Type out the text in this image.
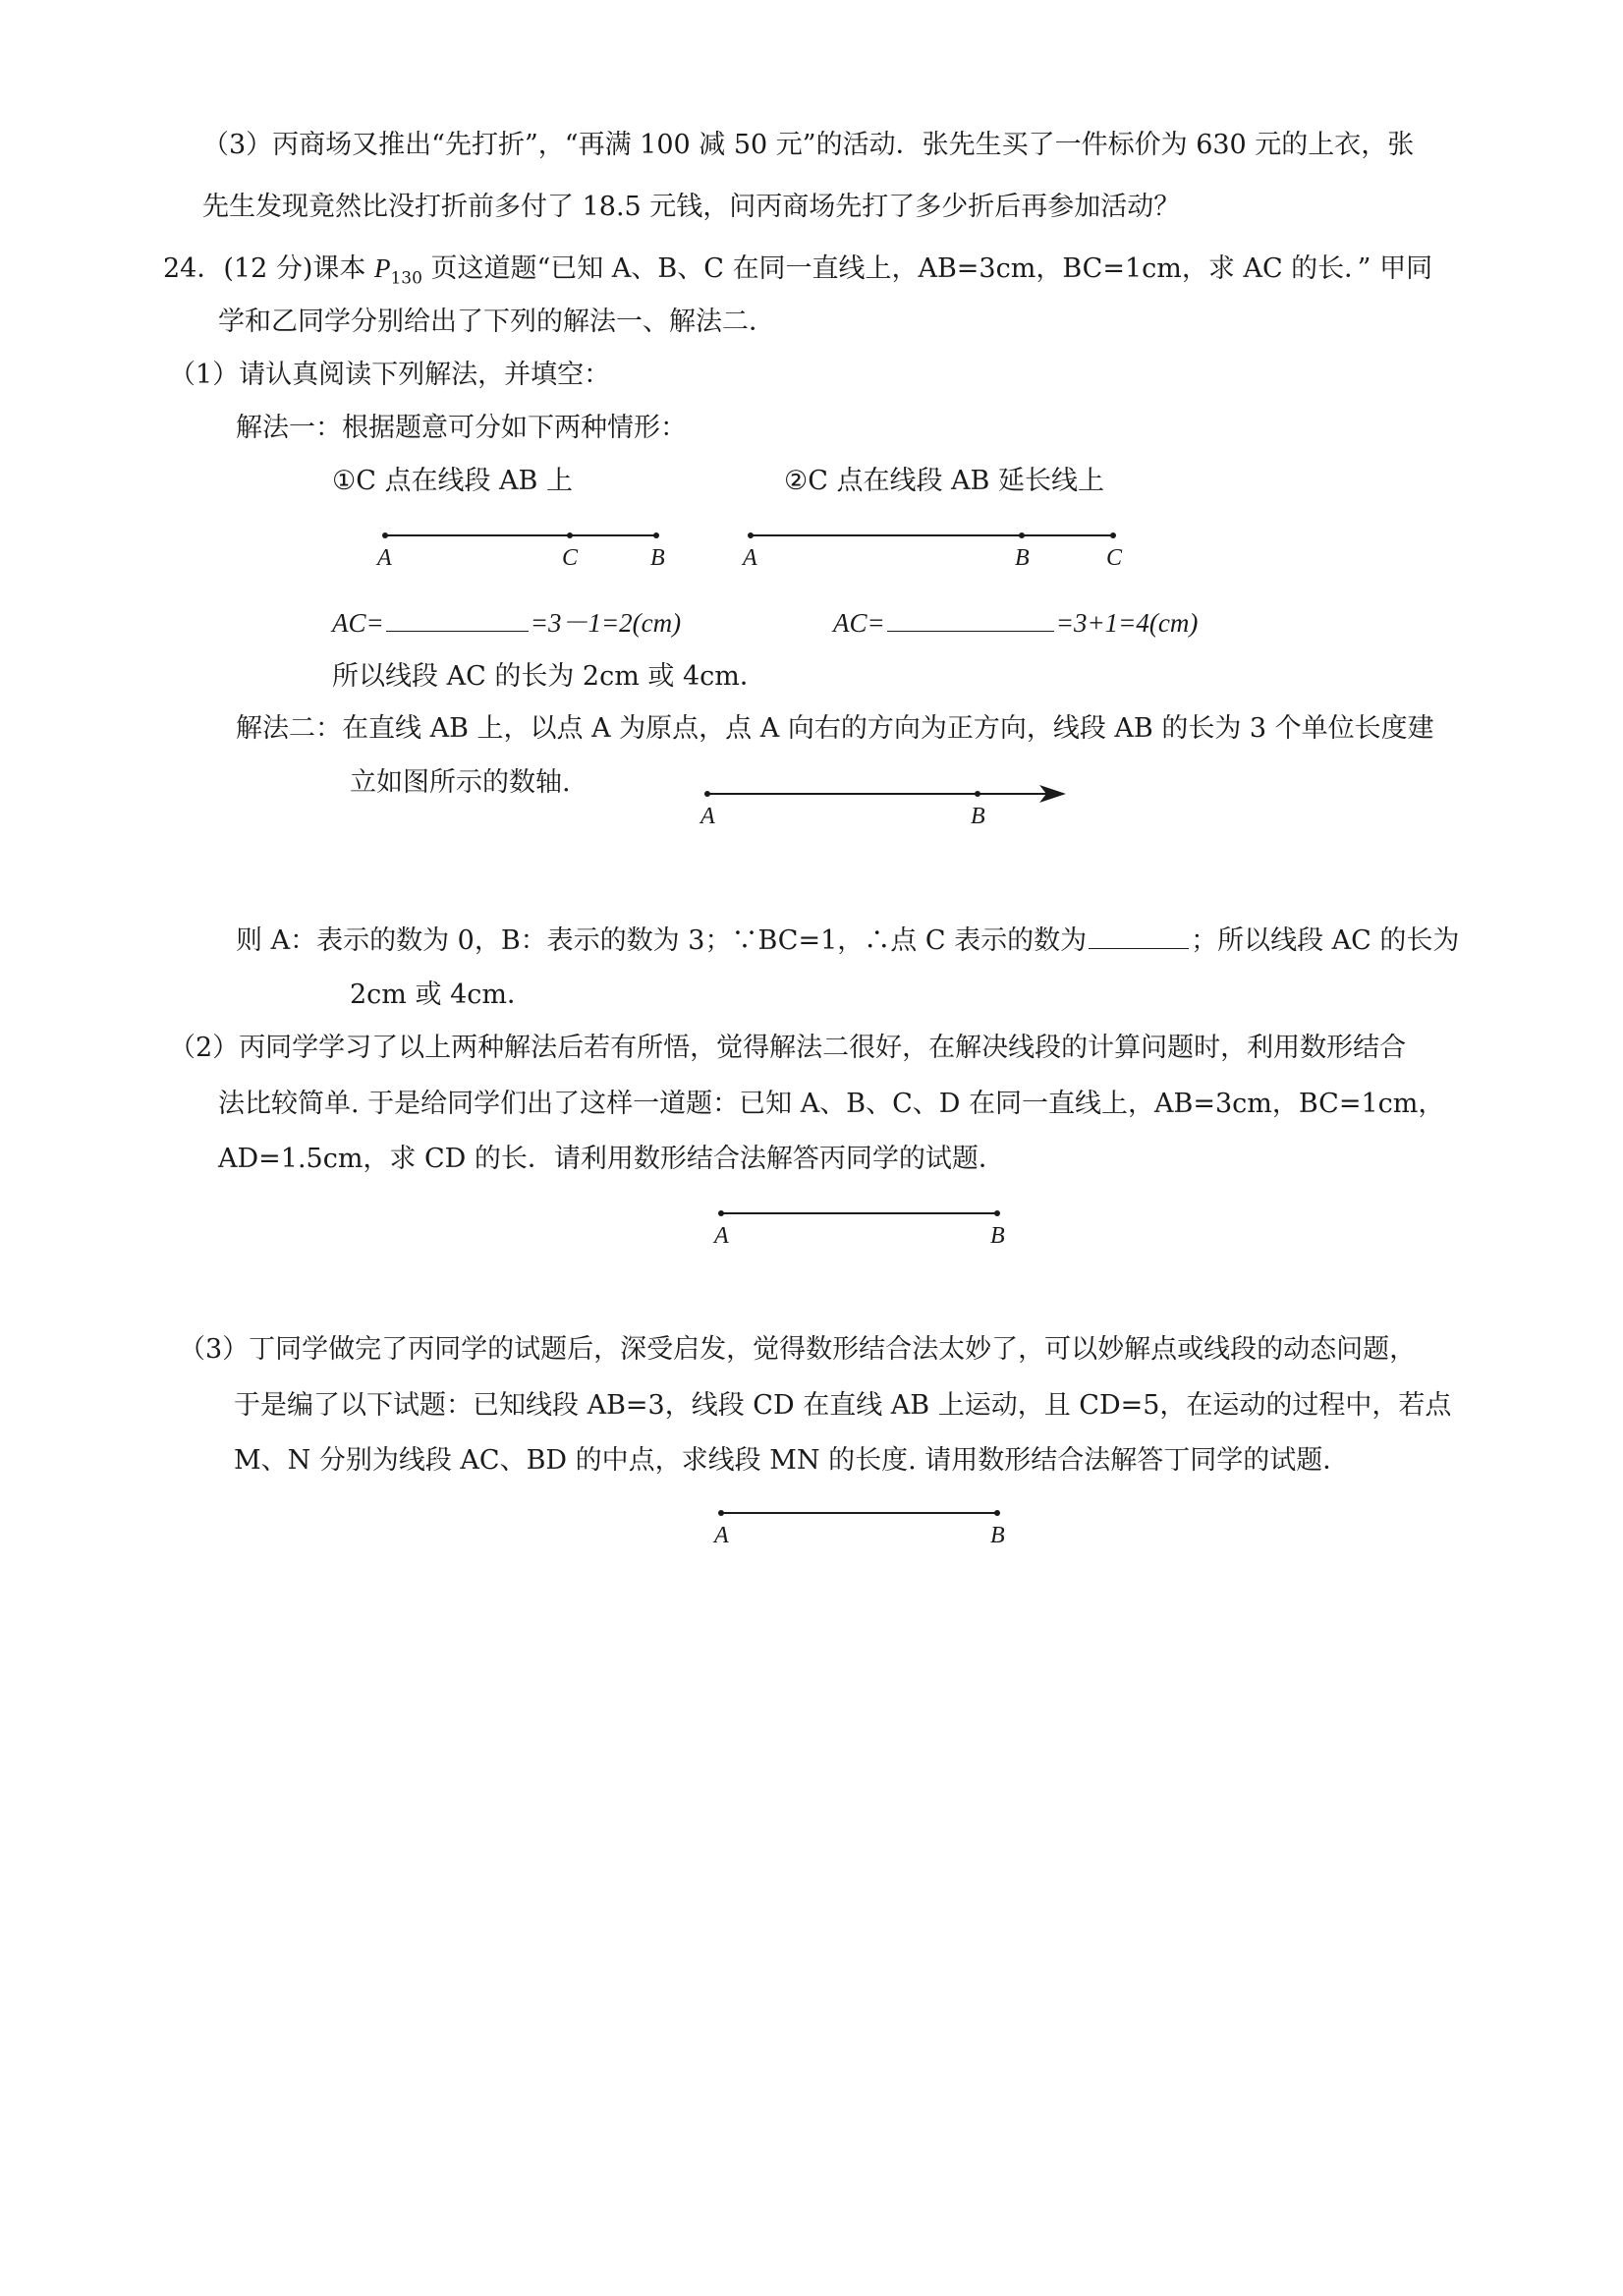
（3）丙商场又推出“先打折”，“再满 100 减 50 元”的活动．张先生买了一件标价为 630 元的上衣，张
先生发现竟然比没打折前多付了 18.5 元钱，问丙商场先打了多少折后再参加活动？
24．(12 分)课本 $P_{130}$ 页这道题“已知 A、B、C 在同一直线上，AB=3cm，BC=1cm，求 AC 的长．” 甲同
学和乙同学分别给出了下列的解法一、解法二．
（1）请认真阅读下列解法，并填空：
解法一：根据题意可分如下两种情形：
①C 点在线段 AB 上	②C 点在线段 AB 延长线上
A	C	B	A	B	C
AC=	=3－1=2(cm)	AC=	=3+1=4(cm)
所以线段 AC 的长为 2cm 或 4cm．
解法二：在直线 AB 上，以点 A 为原点，点 A 向右的方向为正方向，线段 AB 的长为 3 个单位长度建
立如图所示的数轴.
A	B
则 A：表示的数为 0，B：表示的数为 3；∵BC=1，∴点 C 表示的数为	；所以线段 AC 的长为
2cm 或 4cm．
（2）丙同学学习了以上两种解法后若有所悟，觉得解法二很好，在解决线段的计算问题时，利用数形结合
法比较简单. 于是给同学们出了这样一道题：已知 A、B、C、D 在同一直线上，AB=3cm，BC=1cm，
AD=1.5cm，求 CD 的长．请利用数形结合法解答丙同学的试题．
A	B
（3）丁同学做完了丙同学的试题后，深受启发，觉得数形结合法太妙了，可以妙解点或线段的动态问题，
于是编了以下试题：已知线段 AB=3，线段 CD 在直线 AB 上运动，且 CD=5，在运动的过程中，若点
M、N 分别为线段 AC、BD 的中点，求线段 MN 的长度. 请用数形结合法解答丁同学的试题．
A	B
